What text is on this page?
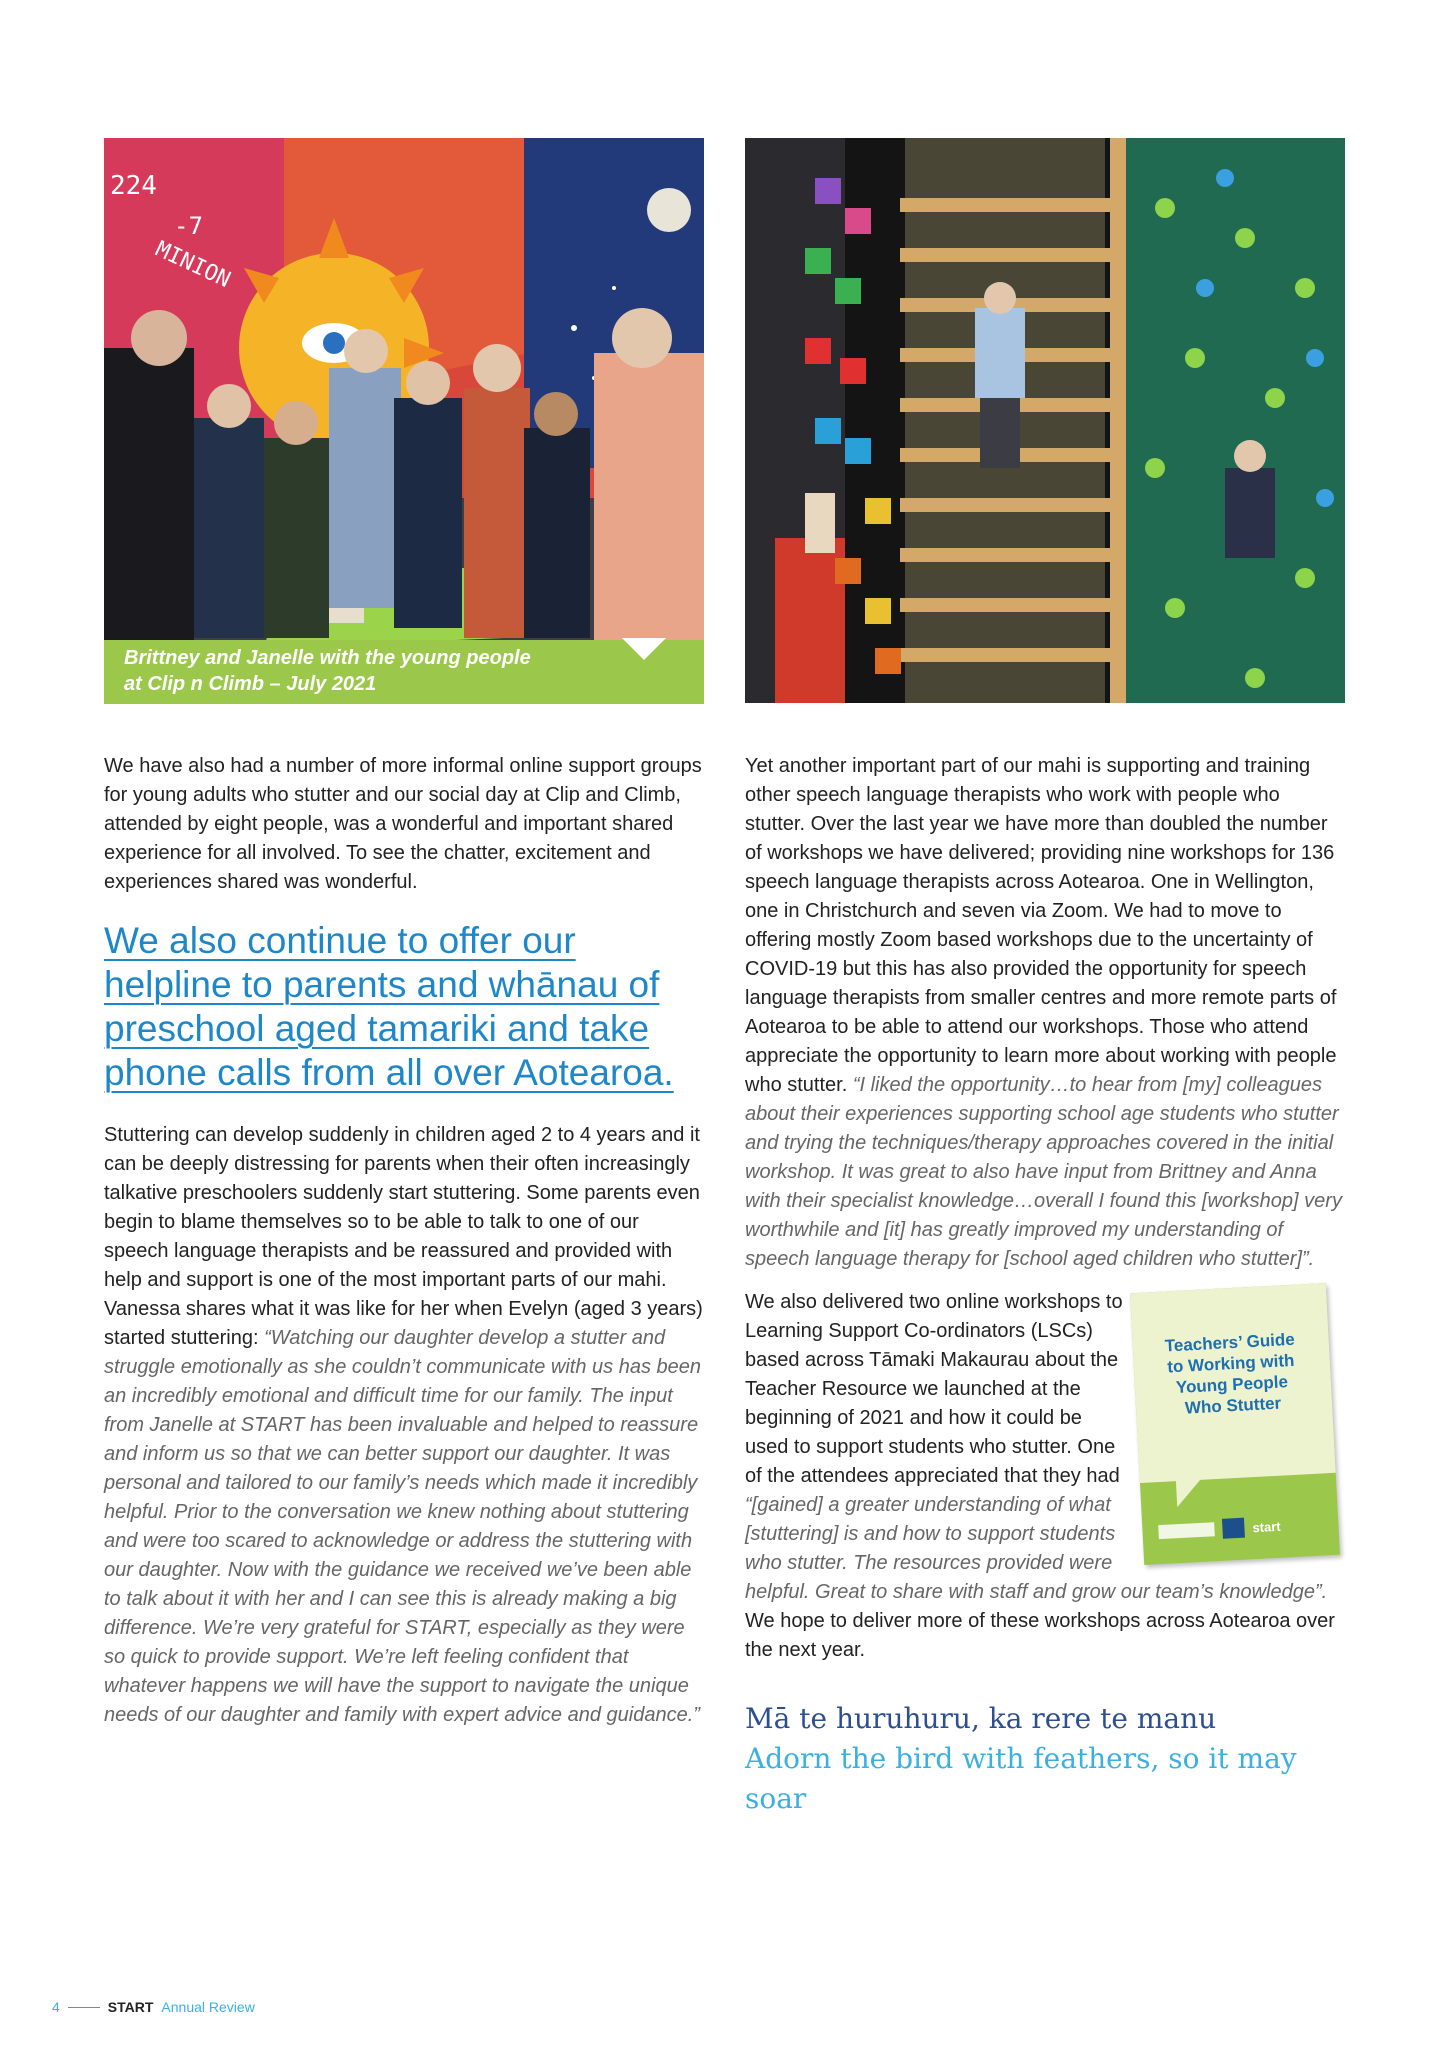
224
-7
MINION
Brittney and Janelle with the young people
at Clip n Climb – July 2021

We have also had a number of more informal online support groups for young adults who stutter and our social day at Clip and Climb, attended by eight people, was a wonderful and important shared experience for all involved. To see the chatter, excitement and experiences shared was wonderful.

We also continue to offer our helpline to parents and whānau of preschool aged tamariki and take phone calls from all over Aotearoa.

Stuttering can develop suddenly in children aged 2 to 4 years and it can be deeply distressing for parents when their often increasingly talkative preschoolers suddenly start stuttering. Some parents even begin to blame themselves so to be able to talk to one of our speech language therapists and be reassured and provided with help and support is one of the most important parts of our mahi. Vanessa shares what it was like for her when Evelyn (aged 3 years) started stuttering: “Watching our daughter develop a stutter and struggle emotionally as she couldn’t communicate with us has been an incredibly emotional and difficult time for our family. The input from Janelle at START has been invaluable and helped to reassure and inform us so that we can better support our daughter. It was personal and tailored to our family’s needs which made it incredibly helpful. Prior to the conversation we knew nothing about stuttering and were too scared to acknowledge or address the stuttering with our daughter. Now with the guidance we received we’ve been able to talk about it with her and I can see this is already making a big difference. We’re very grateful for START, especially as they were so quick to provide support. We’re left feeling confident that whatever happens we will have the support to navigate the unique needs of our daughter and family with expert advice and guidance.”

Yet another important part of our mahi is supporting and training other speech language therapists who work with people who stutter. Over the last year we have more than doubled the number of workshops we have delivered; providing nine workshops for 136 speech language therapists across Aotearoa. One in Wellington, one in Christchurch and seven via Zoom. We had to move to offering mostly Zoom based workshops due to the uncertainty of COVID-19 but this has also provided the opportunity for speech language therapists from smaller centres and more remote parts of Aotearoa to be able to attend our workshops. Those who attend appreciate the opportunity to learn more about working with people who stutter. “I liked the opportunity…to hear from [my] colleagues about their experiences supporting school age students who stutter and trying the techniques/therapy approaches covered in the initial workshop. It was great to also have input from Brittney and Anna with their specialist knowledge…overall I found this [workshop] very worthwhile and [it] has greatly improved my understanding of speech language therapy for [school aged children who stutter]”.

Teachers’ Guide to Working with Young People Who Stutter
start

We also delivered two online workshops to Learning Support Co-ordinators (LSCs) based across Tāmaki Makaurau about the Teacher Resource we launched at the beginning of 2021 and how it could be used to support students who stutter. One of the attendees appreciated that they had “[gained] a greater understanding of what [stuttering] is and how to support students who stutter. The resources provided were helpful. Great to share with staff and grow our team’s knowledge”.

We hope to deliver more of these workshops across Aotearoa over the next year.

Mā te huruhuru, ka rere te manu
Adorn the bird with feathers, so it may soar
4	START Annual Review
